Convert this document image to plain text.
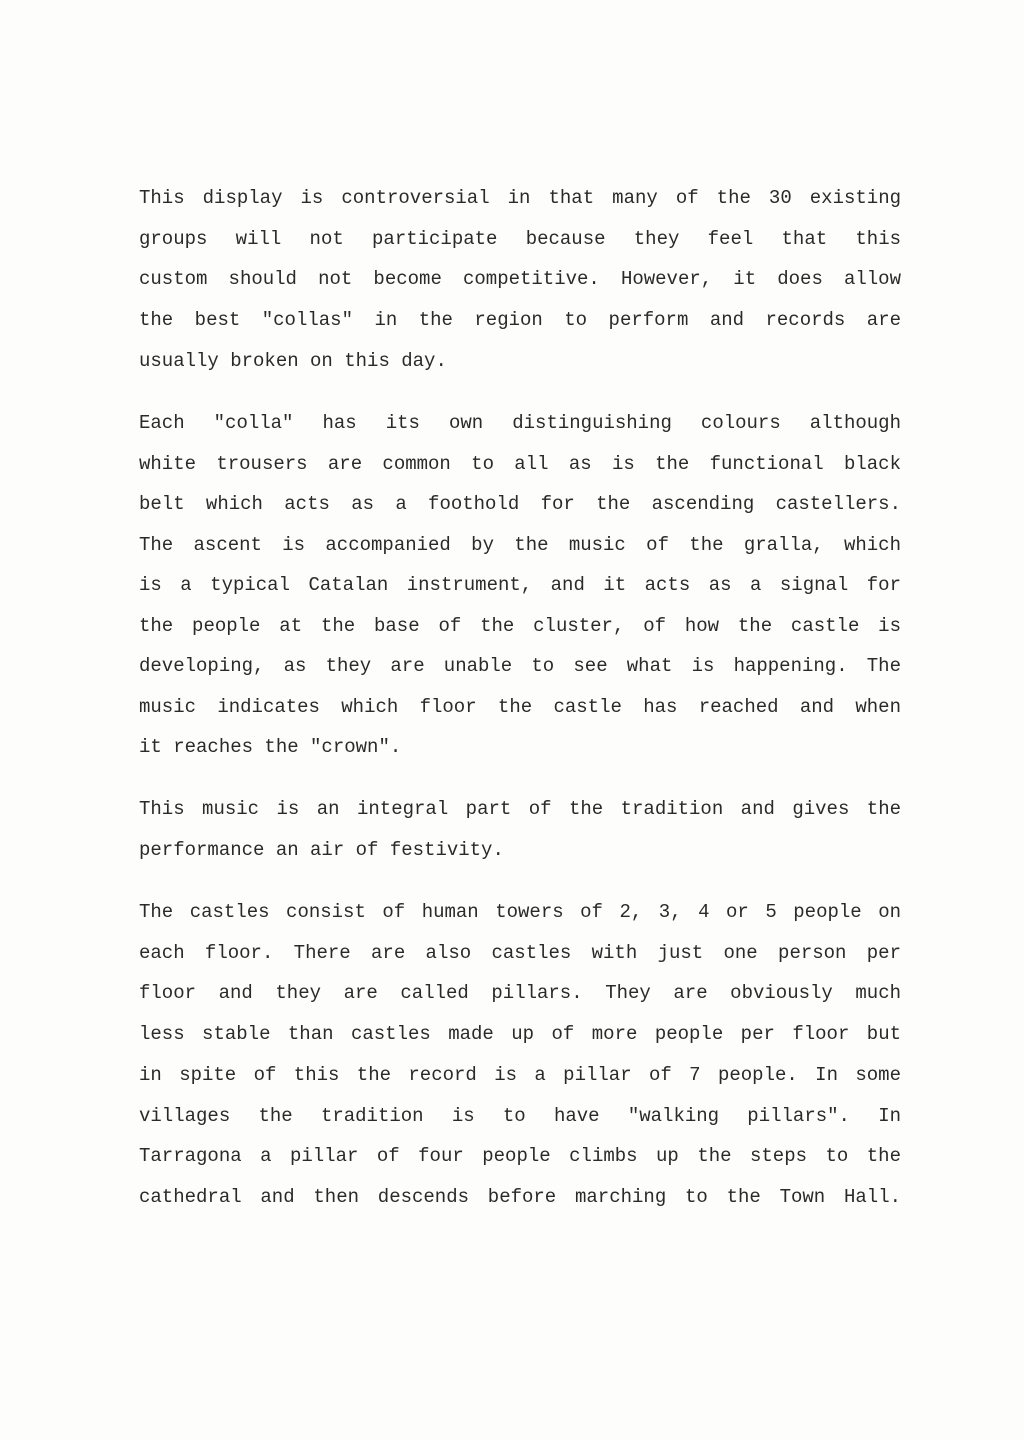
This display is controversial in that many of the 30 existing
groups will not participate because they feel that this
custom should not become competitive. However, it does allow
the best "collas" in the region to perform and records are
usually broken on this day.
Each "colla" has its own distinguishing colours although
white trousers are common to all as is the functional black
belt which acts as a foothold for the ascending castellers.
The ascent is accompanied by the music of the gralla, which
is a typical Catalan instrument, and it acts as a signal for
the people at the base of the cluster, of how the castle is
developing, as they are unable to see what is happening. The
music indicates which floor the castle has reached and when
it reaches the "crown".
This music is an integral part of the tradition and gives the
performance an air of festivity.
The castles consist of human towers of 2, 3, 4 or 5 people on
each floor. There are also castles with just one person per
floor and they are called pillars. They are obviously much
less stable than castles made up of more people per floor but
in spite of this the record is a pillar of 7 people. In some
villages the tradition is to have "walking pillars". In
Tarragona a pillar of four people climbs up the steps to the
cathedral and then descends before marching to the Town Hall.
